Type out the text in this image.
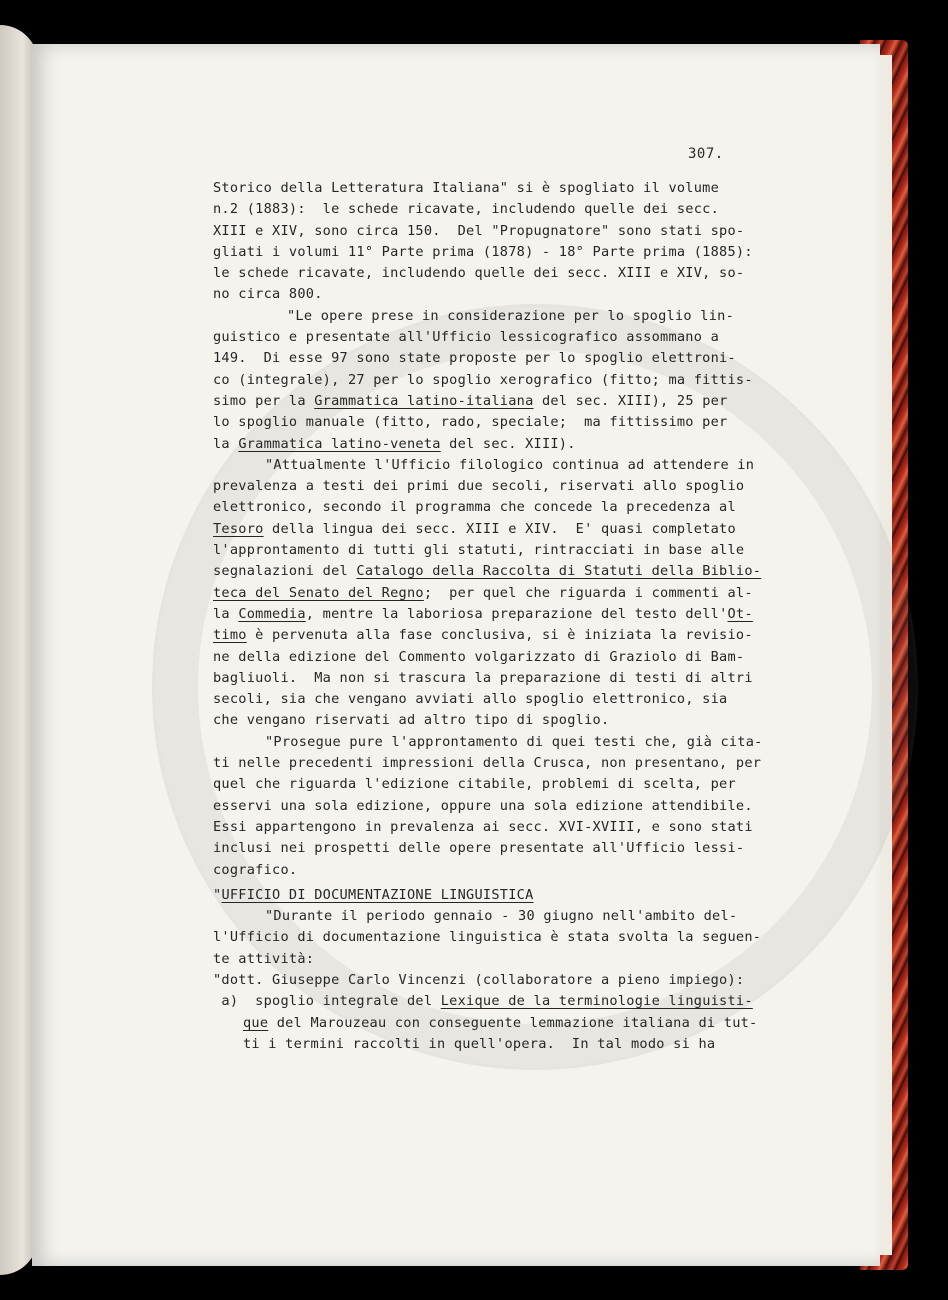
307.
Storico della Letteratura Italiana" si è spogliato il volume
n.2 (1883):  le schede ricavate, includendo quelle dei secc.
XIII e XIV, sono circa 150.  Del "Propugnatore" sono stati spo-
gliati i volumi 11° Parte prima (1878) - 18° Parte prima (1885):
le schede ricavate, includendo quelle dei secc. XIII e XIV, so-
no circa 800.
"Le opere prese in considerazione per lo spoglio lin-
guistico e presentate all'Ufficio lessicografico assommano a
149.  Di esse 97 sono state proposte per lo spoglio elettroni-
co (integrale), 27 per lo spoglio xerografico (fitto; ma fittis-
simo per la Grammatica latino-italiana del sec. XIII), 25 per
lo spoglio manuale (fitto, rado, speciale;  ma fittissimo per
la Grammatica latino-veneta del sec. XIII).
"Attualmente l'Ufficio filologico continua ad attendere in
prevalenza a testi dei primi due secoli, riservati allo spoglio
elettronico, secondo il programma che concede la precedenza al
Tesoro della lingua dei secc. XIII e XIV.  E' quasi completato
l'approntamento di tutti gli statuti, rintracciati in base alle
segnalazioni del Catalogo della Raccolta di Statuti della Biblio-
teca del Senato del Regno;  per quel che riguarda i commenti al-
la Commedia, mentre la laboriosa preparazione del testo dell'Ot-
timo è pervenuta alla fase conclusiva, si è iniziata la revisio-
ne della edizione del Commento volgarizzato di Graziolo di Bam-
bagliuoli.  Ma non si trascura la preparazione di testi di altri
secoli, sia che vengano avviati allo spoglio elettronico, sia
che vengano riservati ad altro tipo di spoglio.
"Prosegue pure l'approntamento di quei testi che, già cita-
ti nelle precedenti impressioni della Crusca, non presentano, per
quel che riguarda l'edizione citabile, problemi di scelta, per
esservi una sola edizione, oppure una sola edizione attendibile.
Essi appartengono in prevalenza ai secc. XVI-XVIII, e sono stati
inclusi nei prospetti delle opere presentate all'Ufficio lessi-
cografico.
"UFFICIO DI DOCUMENTAZIONE LINGUISTICA
"Durante il periodo gennaio - 30 giugno nell'ambito del-
l'Ufficio di documentazione linguistica è stata svolta la seguen-
te attività:
"dott. Giuseppe Carlo Vincenzi (collaboratore a pieno impiego):
a)  spoglio integrale del Lexique de la terminologie linguisti-
que del Marouzeau con conseguente lemmazione italiana di tut-
ti i termini raccolti in quell'opera.  In tal modo si ha
